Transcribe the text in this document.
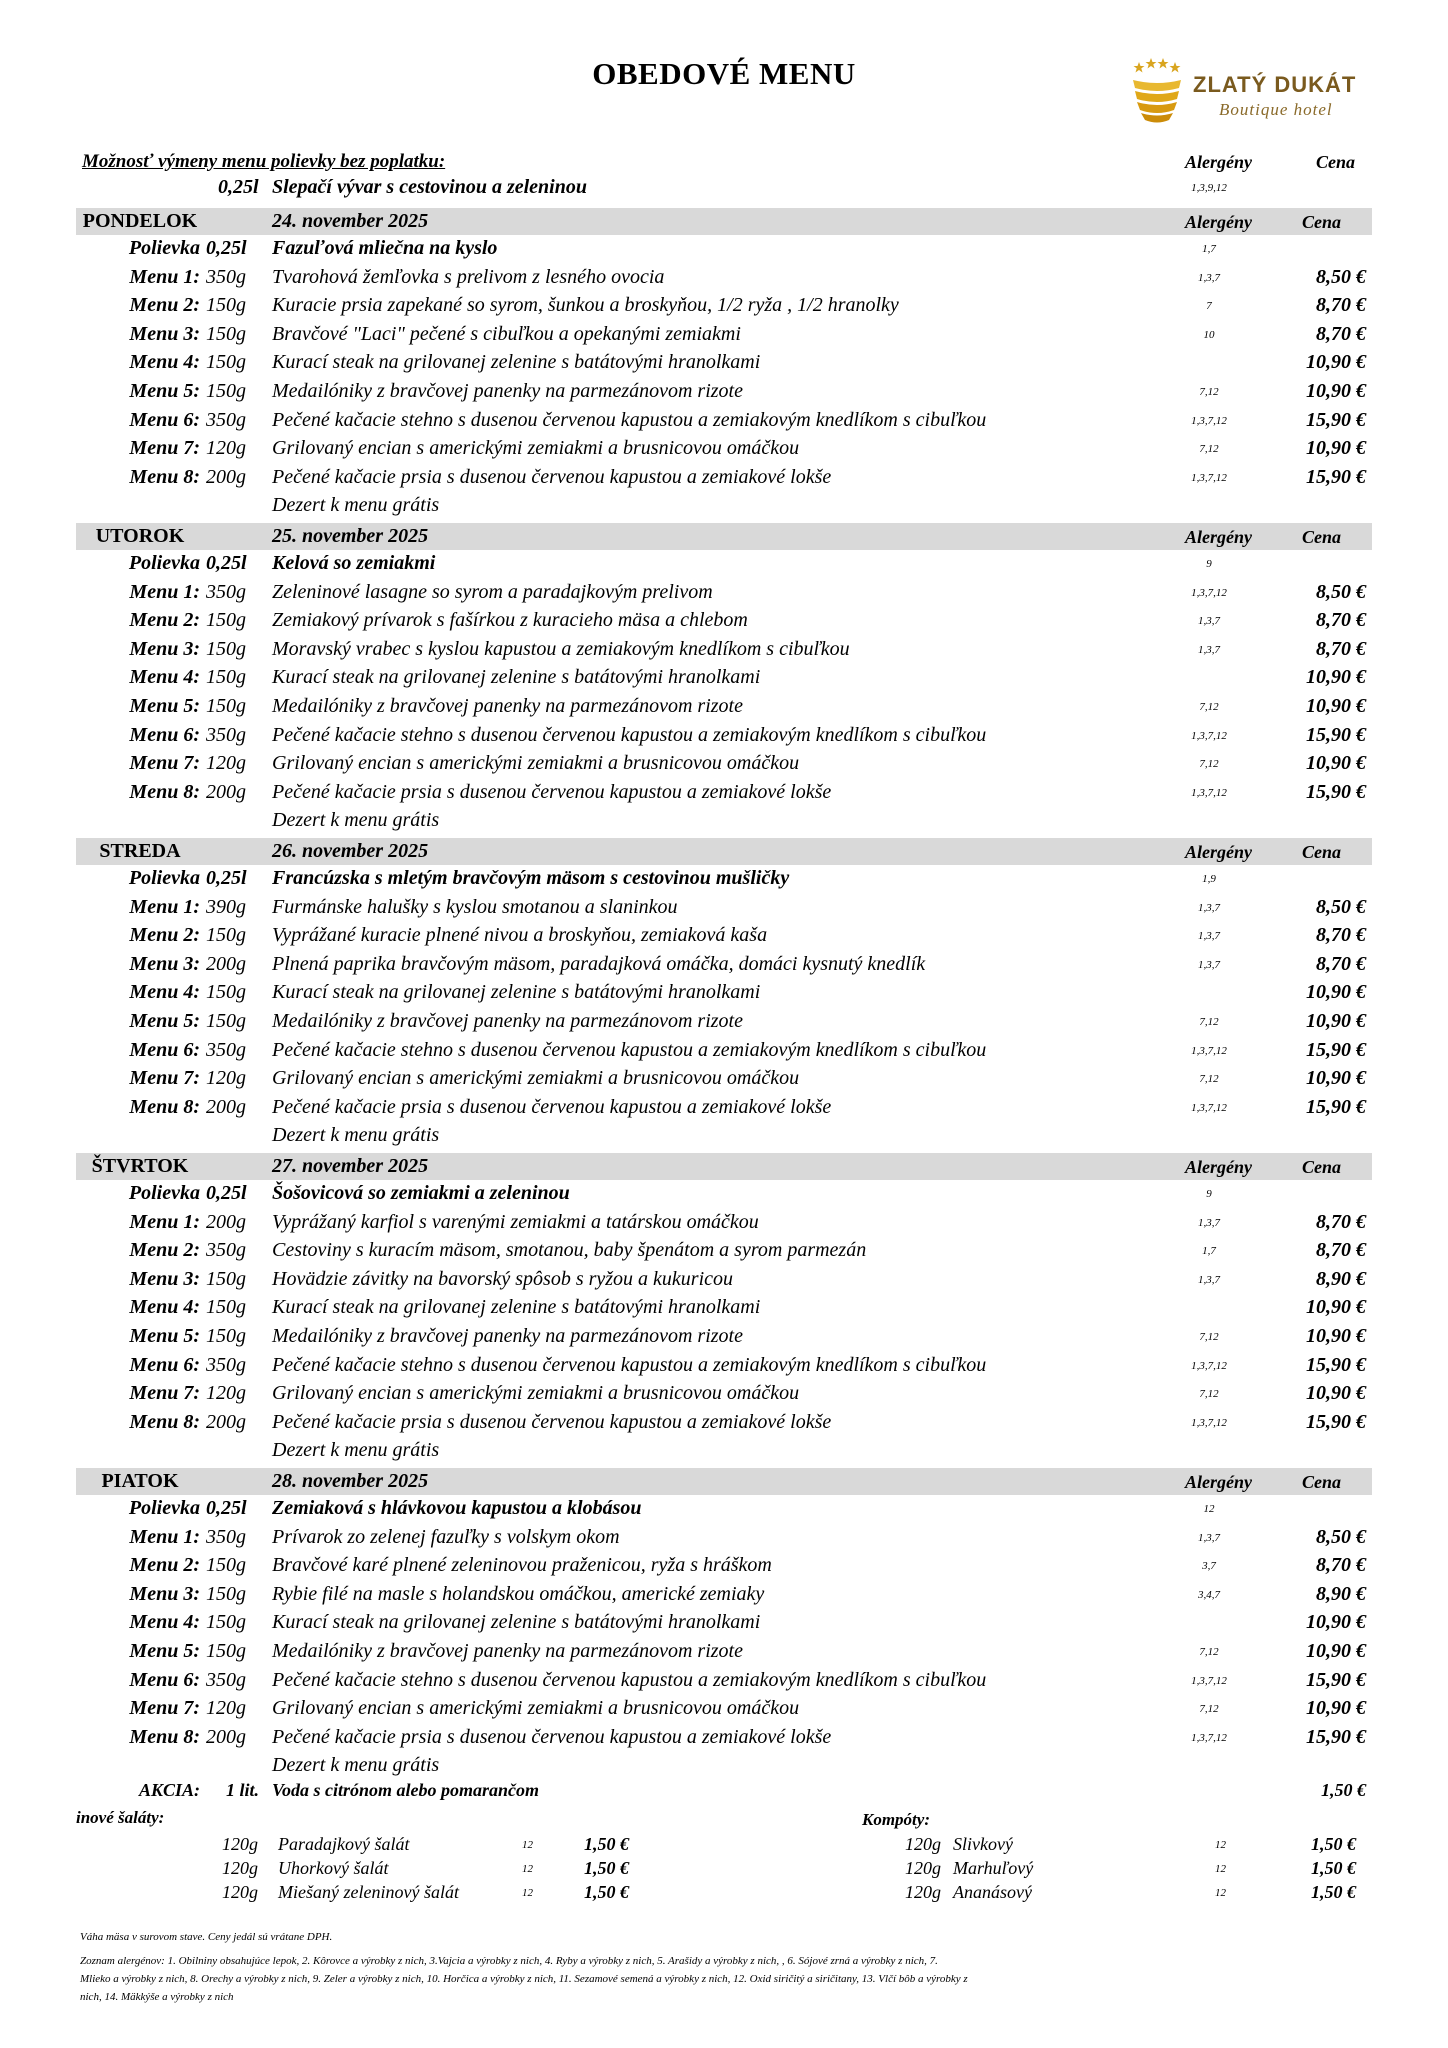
OBEDOVÉ MENU	ZLATÝ DUKÁT
Boutique hotel
Možnosť výmeny menu polievky bez poplatku:	Alergény	Cena
0,25l Slepačí vývar s cestovinou a zeleninou	1,3,9,12
PONDELOK	24. november 2025	Alergény	Cena
Polievka 0,25l Fazuľová mliečna na kyslo	1,7
Menu 1: 350g Tvarohová žemľovka s prelivom z lesného ovocia	1,3,7	8,50 €
Menu 2: 150g Kuracie prsia zapekané so syrom, šunkou a broskyňou, 1/2 ryža , 1/2 hranolky	7	8,70 €
Menu 3: 150g Bravčové "Laci" pečené s cibuľkou a opekanými zemiakmi	10	8,70 €
Menu 4: 150g Kurací steak na grilovanej zelenine s batátovými hranolkami	10,90 €
Menu 5: 150g Medailóniky z bravčovej panenky na parmezánovom rizote	7,12	10,90 €
Menu 6: 350g Pečené kačacie stehno s dusenou červenou kapustou a zemiakovým knedlíkom s cibuľkou	1,3,7,12	15,90 €
Menu 7: 120g Grilovaný encian s americkými zemiakmi a brusnicovou omáčkou	7,12	10,90 €
Menu 8: 200g Pečené kačacie prsia s dusenou červenou kapustou a zemiakové lokše	1,3,7,12	15,90 €
Dezert k menu grátis
UTOROK	25. november 2025	Alergény	Cena
Polievka 0,25l Kelová so zemiakmi	9
Menu 1: 350g Zeleninové lasagne so syrom a paradajkovým prelivom	1,3,7,12	8,50 €
Menu 2: 150g Zemiakový prívarok s fašírkou z kuracieho mäsa a chlebom	1,3,7	8,70 €
Menu 3: 150g Moravský vrabec s kyslou kapustou a zemiakovým knedlíkom s cibuľkou	1,3,7	8,70 €
Menu 4: 150g Kurací steak na grilovanej zelenine s batátovými hranolkami	10,90 €
Menu 5: 150g Medailóniky z bravčovej panenky na parmezánovom rizote	7,12	10,90 €
Menu 6: 350g Pečené kačacie stehno s dusenou červenou kapustou a zemiakovým knedlíkom s cibuľkou	1,3,7,12	15,90 €
Menu 7: 120g Grilovaný encian s americkými zemiakmi a brusnicovou omáčkou	7,12	10,90 €
Menu 8: 200g Pečené kačacie prsia s dusenou červenou kapustou a zemiakové lokše	1,3,7,12	15,90 €
Dezert k menu grátis
STREDA	26. november 2025	Alergény	Cena
Polievka 0,25l Francúzska s mletým bravčovým mäsom s cestovinou mušličky	1,9
Menu 1: 390g Furmánske halušky s kyslou smotanou a slaninkou	1,3,7	8,50 €
Menu 2: 150g Vyprážané kuracie plnené nivou a broskyňou, zemiaková kaša	1,3,7	8,70 €
Menu 3: 200g Plnená paprika bravčovým mäsom, paradajková omáčka, domáci kysnutý knedlík	1,3,7	8,70 €
Menu 4: 150g Kurací steak na grilovanej zelenine s batátovými hranolkami	10,90 €
Menu 5: 150g Medailóniky z bravčovej panenky na parmezánovom rizote	7,12	10,90 €
Menu 6: 350g Pečené kačacie stehno s dusenou červenou kapustou a zemiakovým knedlíkom s cibuľkou	1,3,7,12	15,90 €
Menu 7: 120g Grilovaný encian s americkými zemiakmi a brusnicovou omáčkou	7,12	10,90 €
Menu 8: 200g Pečené kačacie prsia s dusenou červenou kapustou a zemiakové lokše	1,3,7,12	15,90 €
Dezert k menu grátis
ŠTVRTOK	27. november 2025	Alergény	Cena
Polievka 0,25l Šošovicová so zemiakmi a zeleninou	9
Menu 1: 200g Vyprážaný karfiol s varenými zemiakmi a tatárskou omáčkou	1,3,7	8,70 €
Menu 2: 350g Cestoviny s kuracím mäsom, smotanou, baby špenátom a syrom parmezán	1,7	8,70 €
Menu 3: 150g Hovädzie závitky na bavorský spôsob s ryžou a kukuricou	1,3,7	8,90 €
Menu 4: 150g Kurací steak na grilovanej zelenine s batátovými hranolkami	10,90 €
Menu 5: 150g Medailóniky z bravčovej panenky na parmezánovom rizote	7,12	10,90 €
Menu 6: 350g Pečené kačacie stehno s dusenou červenou kapustou a zemiakovým knedlíkom s cibuľkou	1,3,7,12	15,90 €
Menu 7: 120g Grilovaný encian s americkými zemiakmi a brusnicovou omáčkou	7,12	10,90 €
Menu 8: 200g Pečené kačacie prsia s dusenou červenou kapustou a zemiakové lokše	1,3,7,12	15,90 €
Dezert k menu grátis
PIATOK	28. november 2025	Alergény	Cena
Polievka 0,25l Zemiaková s hlávkovou kapustou a klobásou	12
Menu 1: 350g Prívarok zo zelenej fazuľky s volskym okom	1,3,7	8,50 €
Menu 2: 150g Bravčové karé plnené zeleninovou praženicou, ryža s hráškom	3,7	8,70 €
Menu 3: 150g Rybie filé na masle s holandskou omáčkou, americké zemiaky	3,4,7	8,90 €
Menu 4: 150g Kurací steak na grilovanej zelenine s batátovými hranolkami	10,90 €
Menu 5: 150g Medailóniky z bravčovej panenky na parmezánovom rizote	7,12	10,90 €
Menu 6: 350g Pečené kačacie stehno s dusenou červenou kapustou a zemiakovým knedlíkom s cibuľkou	1,3,7,12	15,90 €
Menu 7: 120g Grilovaný encian s americkými zemiakmi a brusnicovou omáčkou	7,12	10,90 €
Menu 8: 200g Pečené kačacie prsia s dusenou červenou kapustou a zemiakové lokše	1,3,7,12	15,90 €
Dezert k menu grátis
AKCIA: 1 lit. Voda s citrónom alebo pomarančom	1,50 €
inové šaláty:	Kompóty:
120g Paradajkový šalát	12	1,50 €
120g Uhorkový šalát	12	1,50 €
120g Miešaný zeleninový šalát	12	1,50 €
120g Slivkový	12	1,50 €
120g Marhuľový	12	1,50 €
120g Ananásový	12	1,50 €
Váha mäsa v surovom stave. Ceny jedál sú vrátane DPH.
Zoznam alergénov: 1. Obilniny obsahujúce lepok, 2. Kôrovce a výrobky z nich, 3.Vajcia a výrobky z nich, 4. Ryby a výrobky z nich, 5. Arašidy a výrobky z nich, , 6. Sójové zrná a výrobky z nich, 7.
Mlieko a výrobky z nich, 8. Orechy a výrobky z nich, 9. Zeler a výrobky z nich, 10. Horčica a výrobky z nich, 11. Sezamové semená a výrobky z nich, 12. Oxid siričitý a siričitany, 13. Vlčí bôb a výrobky z
nich, 14. Mäkkýše a výrobky z nich
